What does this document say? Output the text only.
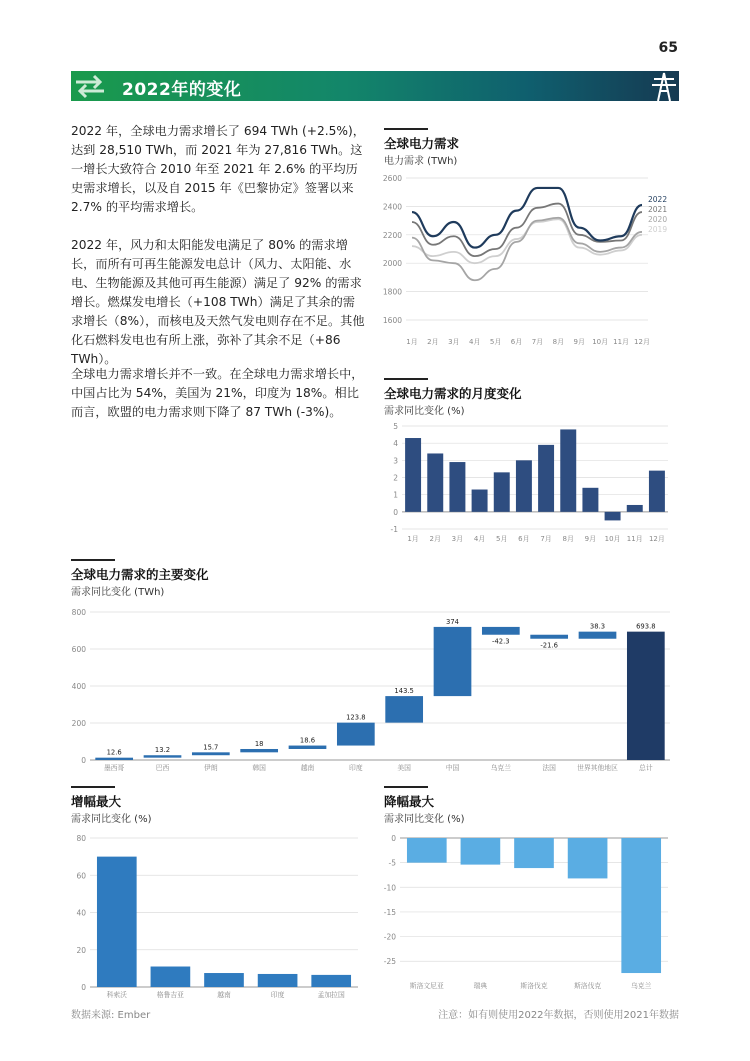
65
2022年的变化
2022 年，全球电力需求增长了 694 TWh (+2.5%)，达到 28,510 TWh，而 2021 年为 27,816 TWh。这一增长大致符合 2010 年至 2021 年 2.6% 的平均历史需求增长，以及自 2015 年《巴黎协定》签署以来 2.7% 的平均需求增长。
2022 年，风力和太阳能发电满足了 80% 的需求增长，而所有可再生能源发电总计（风力、太阳能、水电、生物能源及其他可再生能源）满足了 92% 的需求增长。燃煤发电增长（+108 TWh）满足了其余的需求增长（8%），而核电及天然气发电则存在不足。其他化石燃料发电也有所上涨，弥补了其余不足（+86 TWh）。
全球电力需求增长并不一致。在全球电力需求增长中，中国占比为 54%，美国为 21%，印度为 18%。相比而言，欧盟的电力需求则下降了 87 TWh (-3%)。
全球电力需求
电力需求 (TWh)
2600
2400
2200
2000
1800
1600
1月 2月 3月 4月 5月 6月 7月 8月 9月 10月 11月 12月
2022
2021
2020
2019
全球电力需求的月度变化
需求同比变化 (%)
5
4
3
2
1
0
-1
1月 2月 3月 4月 5月 6月 7月 8月 9月 10月 11月 12月
全球电力需求的主要变化
需求同比变化 (TWh)
800
600
400
200
0
12.6
墨西哥
13.2
巴西
15.7
伊朗
18
韩国
18.6
越南
123.8
印度
143.5
美国
374
中国
-42.3
乌克兰
-21.6
法国
38.3
世界其他地区
693.8
总计
增幅最大
需求同比变化 (%)
80
60
40
20
0
科索沃	格鲁吉亚	越南	印度	孟加拉国
降幅最大
需求同比变化 (%)
0
-5
-10
-15
-20
-25
斯洛文尼亚	瑞典	斯洛伐克	斯洛伐克	乌克兰
数据来源: Ember	注意：如有则使用2022年数据，否则使用2021年数据
